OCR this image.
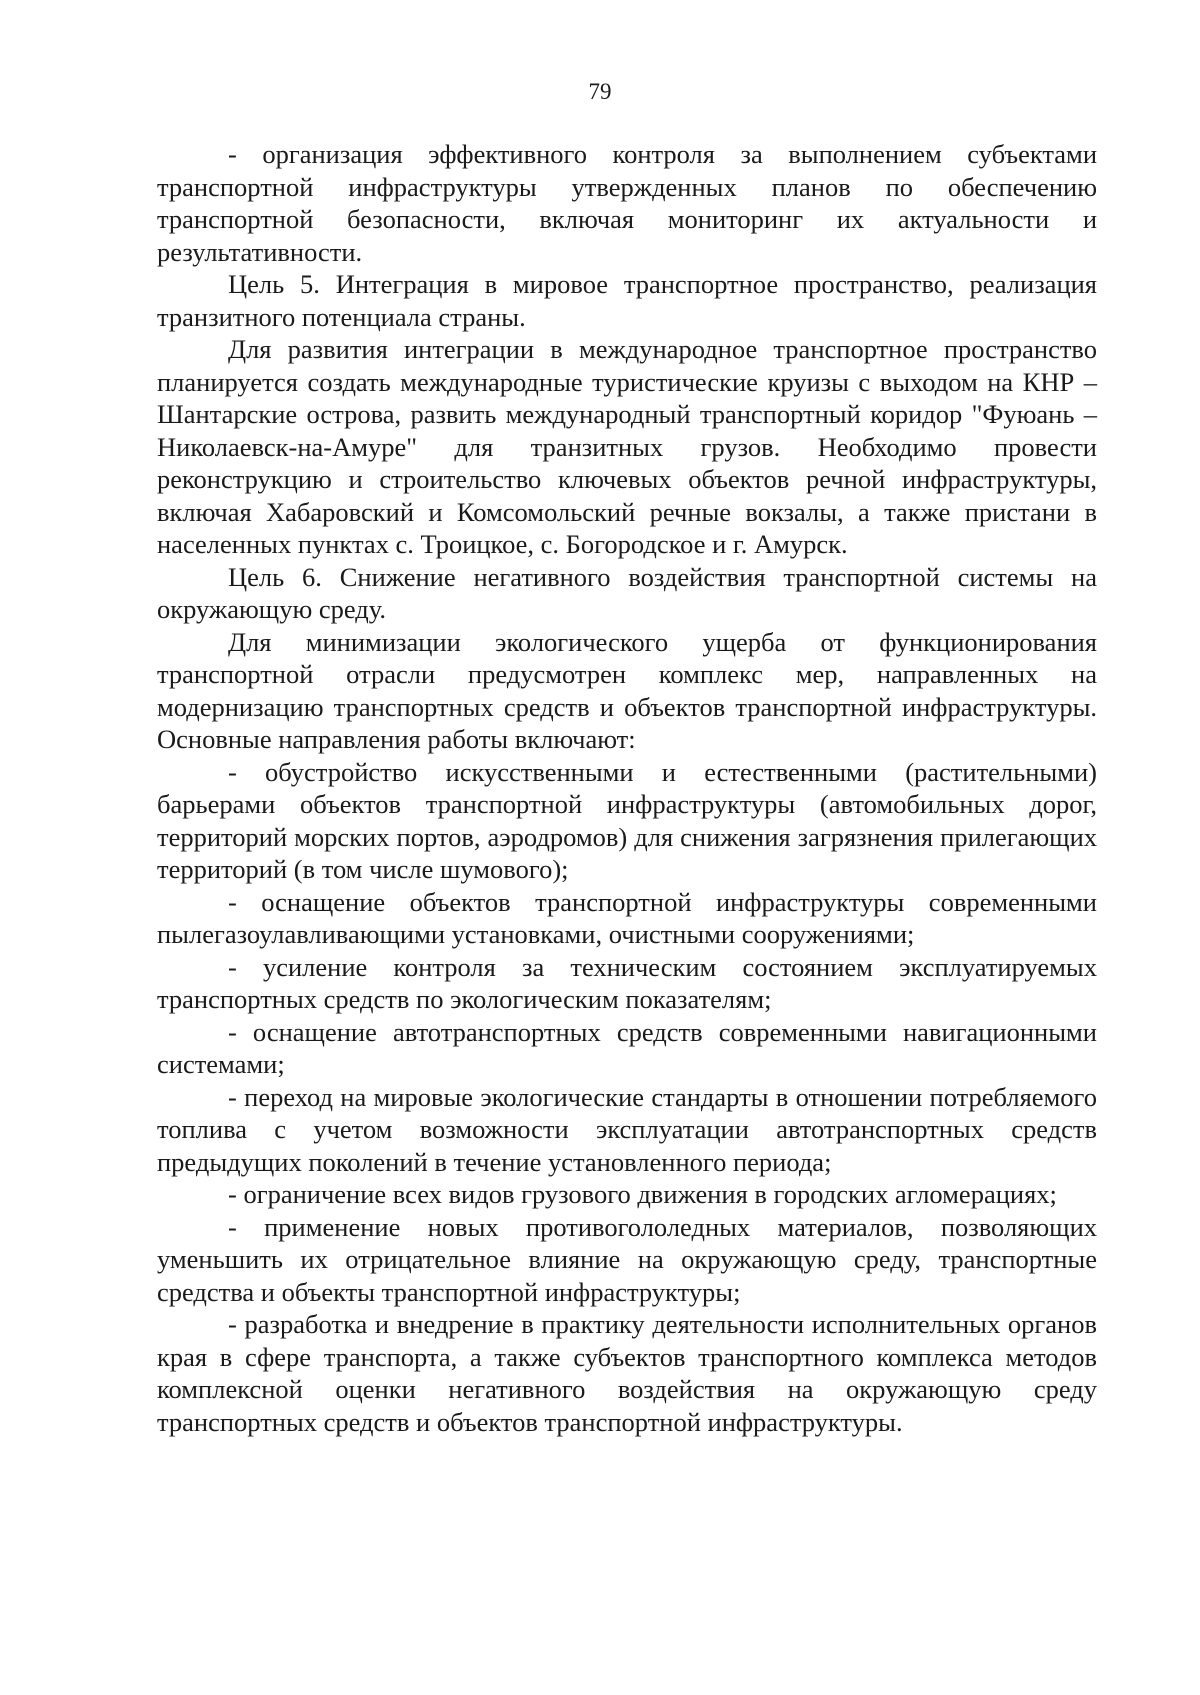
79

- организация эффективного контроля за выполнением субъектами транспортной инфраструктуры утвержденных планов по обеспечению транспортной безопасности, включая мониторинг их актуальности и результативности.

Цель 5. Интеграция в мировое транспортное пространство, реализация транзитного потенциала страны.

Для развития интеграции в международное транспортное пространство планируется создать международные туристические круизы с выходом на КНР – Шантарские острова, развить международный транспортный коридор "Фуюань – Николаевск-на-Амуре" для транзитных грузов. Необходимо провести реконструкцию и строительство ключевых объектов речной инфраструктуры, включая Хабаровский и Комсомольский речные вокзалы, а также пристани в населенных пунктах с. Троицкое, с. Богородское и г. Амурск.

Цель 6. Снижение негативного воздействия транспортной системы на окружающую среду.

Для минимизации экологического ущерба от функционирования транспортной отрасли предусмотрен комплекс мер, направленных на модернизацию транспортных средств и объектов транспортной инфраструктуры. Основные направления работы включают:

- обустройство искусственными и естественными (растительными) барьерами объектов транспортной инфраструктуры (автомобильных дорог, территорий морских портов, аэродромов) для снижения загрязнения прилегающих территорий (в том числе шумового);

- оснащение объектов транспортной инфраструктуры современными пылегазоулавливающими установками, очистными сооружениями;

- усиление контроля за техническим состоянием эксплуатируемых транспортных средств по экологическим показателям;

- оснащение автотранспортных средств современными навигационными системами;

- переход на мировые экологические стандарты в отношении потребляемого топлива с учетом возможности эксплуатации автотранспортных средств предыдущих поколений в течение установленного периода;

- ограничение всех видов грузового движения в городских агломерациях;

- применение новых противогололедных материалов, позволяющих уменьшить их отрицательное влияние на окружающую среду, транспортные средства и объекты транспортной инфраструктуры;

- разработка и внедрение в практику деятельности исполнительных органов края в сфере транспорта, а также субъектов транспортного комплекса методов комплексной оценки негативного воздействия на окружающую среду транспортных средств и объектов транспортной инфраструктуры.
